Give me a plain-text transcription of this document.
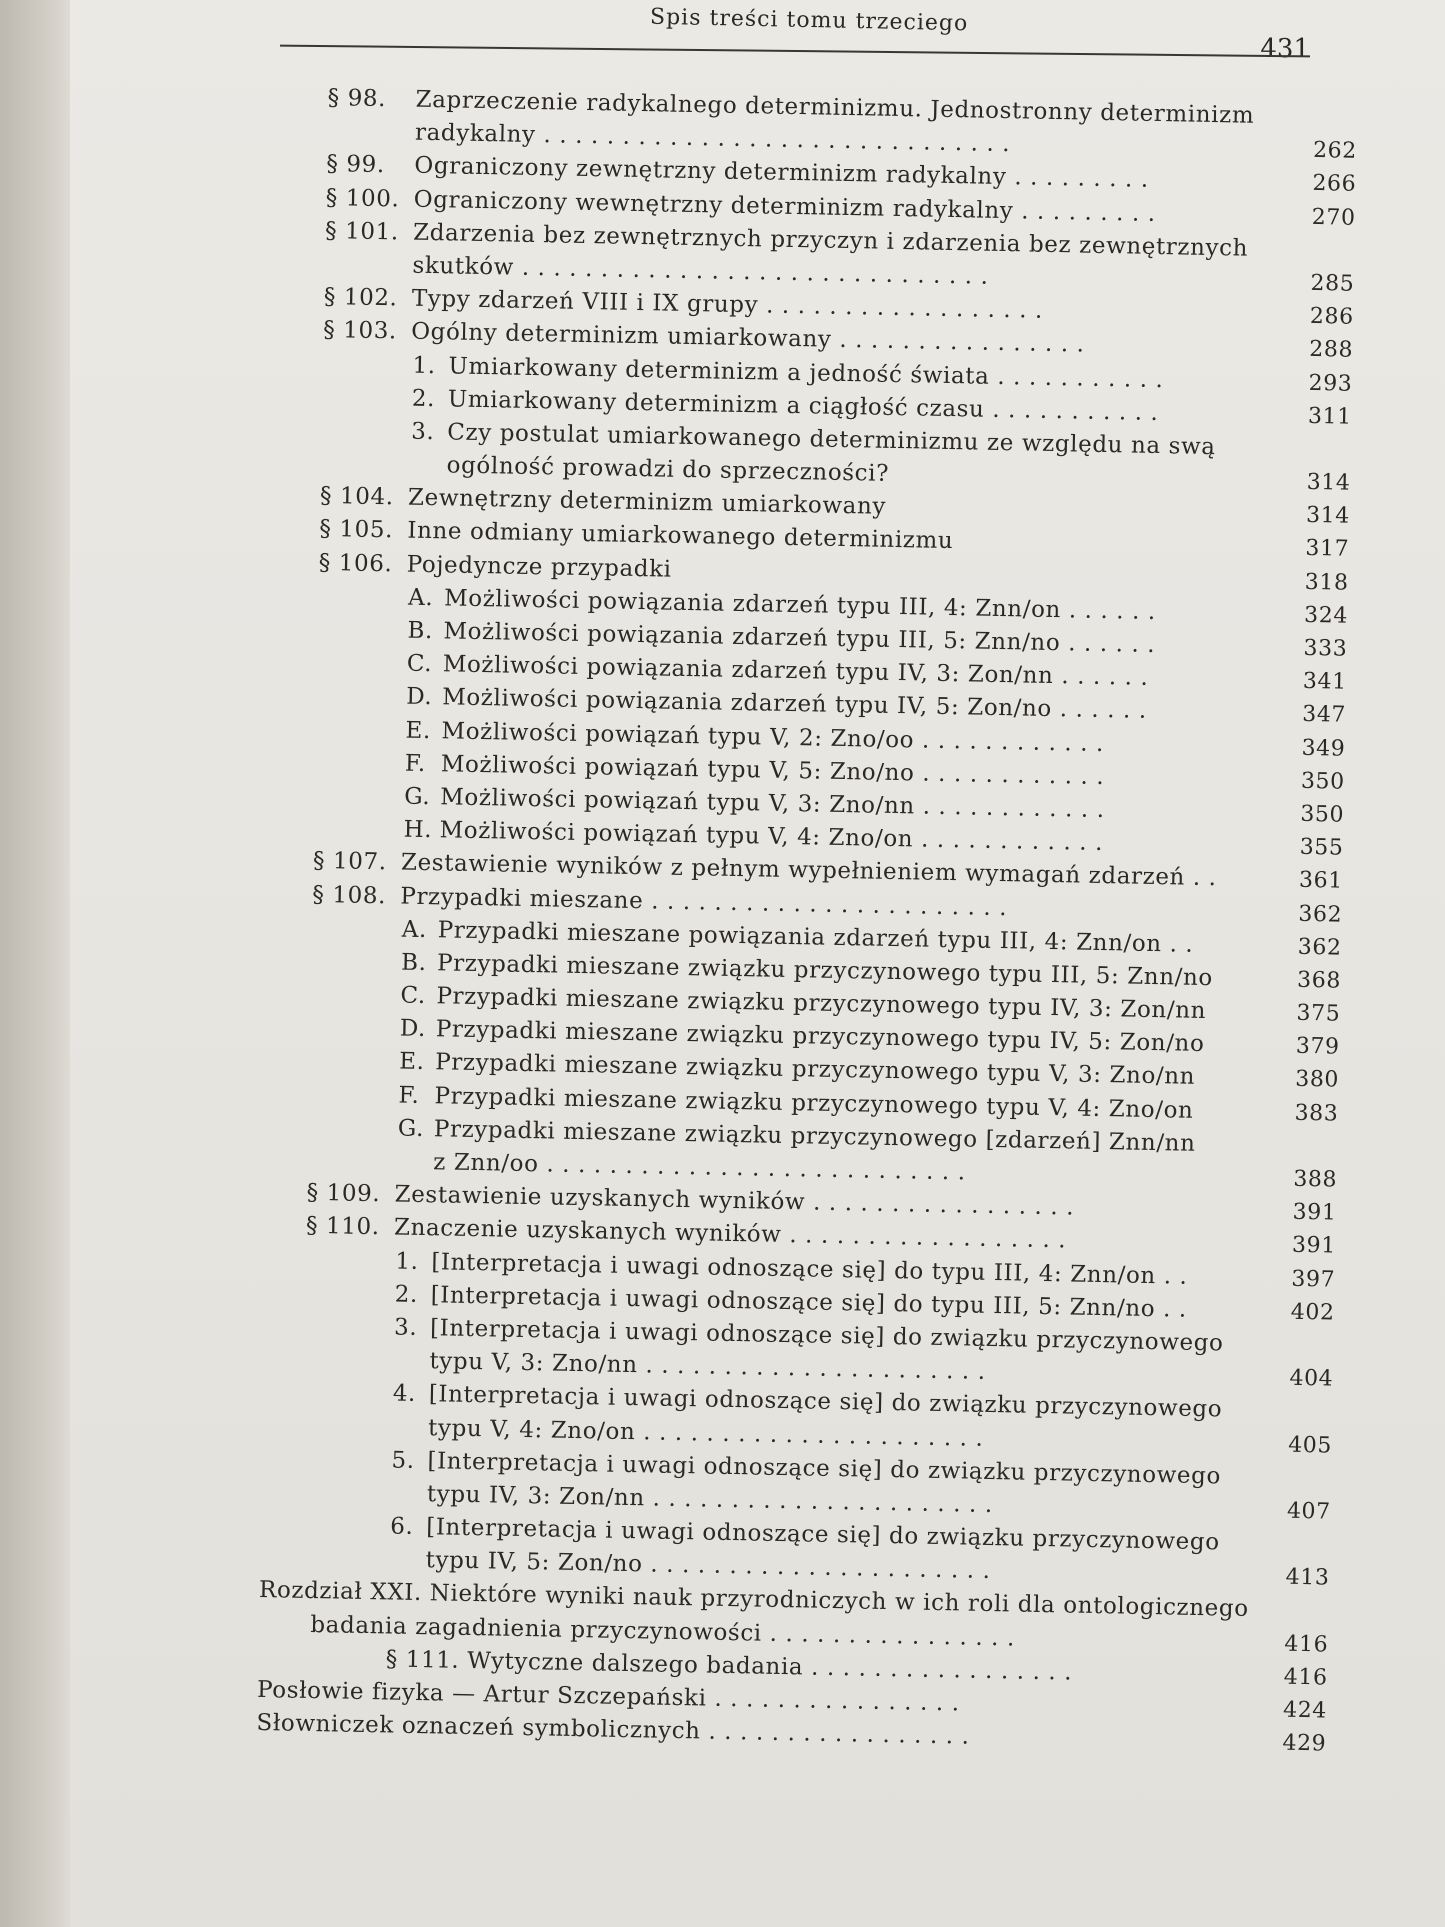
Spis treści tomu trzeciego
431
§ 98. Zaprzeczenie radykalnego determinizmu. Jednostronny determinizm
radykalny . . . . . . . . . . . . . . . . . . . . . . . . . . . . . .	262
§ 99. Ograniczony zewnętrzny determinizm radykalny . . . . . . . . .	266
§ 100. Ograniczony wewnętrzny determinizm radykalny . . . . . . . . .	270
§ 101. Zdarzenia bez zewnętrznych przyczyn i zdarzenia bez zewnętrznych
skutków . . . . . . . . . . . . . . . . . . . . . . . . . . . . . .	285
§ 102. Typy zdarzeń VIII i IX grupy . . . . . . . . . . . . . . . . . .	286
§ 103. Ogólny determinizm umiarkowany . . . . . . . . . . . . . . . .	288
1. Umiarkowany determinizm a jedność świata . . . . . . . . . . .	293
2. Umiarkowany determinizm a ciągłość czasu . . . . . . . . . . .	311
3. Czy postulat umiarkowanego determinizmu ze względu na swą
ogólność prowadzi do sprzeczności?	314
§ 104. Zewnętrzny determinizm umiarkowany	314
§ 105. Inne odmiany umiarkowanego determinizmu	317
§ 106. Pojedyncze przypadki
318
A. Możliwości powiązania zdarzeń typu III, 4: Znn/on . . . . . .	324
B. Możliwości powiązania zdarzeń typu III, 5: Znn/no . . . . . .	333
C. Możliwości powiązania zdarzeń typu IV, 3: Zon/nn . . . . . .	341
D. Możliwości powiązania zdarzeń typu IV, 5: Zon/no . . . . . .	347
E. Możliwości powiązań typu V, 2: Zno/oo . . . . . . . . . . . .	349
F. Możliwości powiązań typu V, 5: Zno/no . . . . . . . . . . . .	350
G. Możliwości powiązań typu V, 3: Zno/nn . . . . . . . . . . . .	350
H. Możliwości powiązań typu V, 4: Zno/on . . . . . . . . . . . .	355
§ 107. Zestawienie wyników z pełnym wypełnieniem wymagań zdarzeń . .	361
§ 108. Przypadki mieszane . . . . . . . . . . . . . . . . . . . . . . .	362
A. Przypadki mieszane powiązania zdarzeń typu III, 4: Znn/on . .	362
B. Przypadki mieszane związku przyczynowego typu III, 5: Znn/no	368
C. Przypadki mieszane związku przyczynowego typu IV, 3: Zon/nn	375
D. Przypadki mieszane związku przyczynowego typu IV, 5: Zon/no	379
E. Przypadki mieszane związku przyczynowego typu V, 3: Zno/nn	380
F. Przypadki mieszane związku przyczynowego typu V, 4: Zno/on	383
G. Przypadki mieszane związku przyczynowego [zdarzeń] Znn/nn
z Znn/oo . . . . . . . . . . . . . . . . . . . . . . . . . . .	388
§ 109. Zestawienie uzyskanych wyników . . . . . . . . . . . . . . . . .	391
§ 110. Znaczenie uzyskanych wyników . . . . . . . . . . . . . . . . . .	391
1. [Interpretacja i uwagi odnoszące się] do typu III, 4: Znn/on . .	397
2. [Interpretacja i uwagi odnoszące się] do typu III, 5: Znn/no . .	402
3. [Interpretacja i uwagi odnoszące się] do związku przyczynowego
typu V, 3: Zno/nn . . . . . . . . . . . . . . . . . . . . . .	404
4. [Interpretacja i uwagi odnoszące się] do związku przyczynowego
typu V, 4: Zno/on . . . . . . . . . . . . . . . . . . . . . .	405
5. [Interpretacja i uwagi odnoszące się] do związku przyczynowego
typu IV, 3: Zon/nn . . . . . . . . . . . . . . . . . . . . . .	407
6. [Interpretacja i uwagi odnoszące się] do związku przyczynowego
typu IV, 5: Zon/no . . . . . . . . . . . . . . . . . . . . . .	413
Rozdział XXI. Niektóre wyniki nauk przyrodniczych w ich roli dla ontologicznego
badania zagadnienia przyczynowości . . . . . . . . . . . . . . . .	416
§ 111. Wytyczne dalszego badania . . . . . . . . . . . . . . . . .	416
Posłowie fizyka — Artur Szczepański . . . . . . . . . . . . . . . .	424
Słowniczek oznaczeń symbolicznych . . . . . . . . . . . . . . . . .	429
